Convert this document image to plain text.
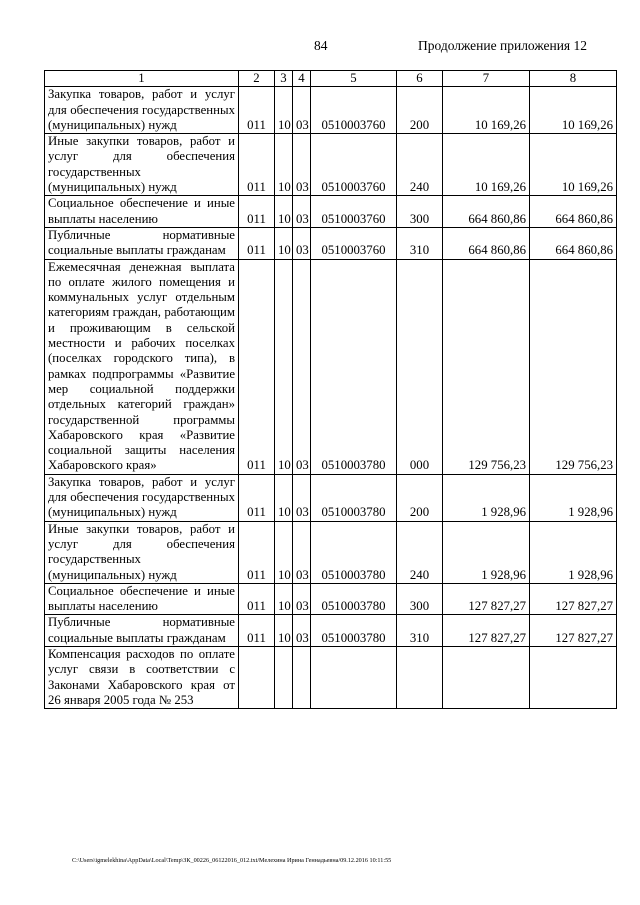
84	Продолжение приложения 12
1	2	3	4	5	6	7	8
Закупка товаров, работ и услуг для обеспечения государственных (муниципальных) нужд	011	10	03	0510003760	200	10 169,26	10 169,26
Иные закупки товаров, работ и услуг для обеспечения государственных (муниципальных) нужд	011	10	03	0510003760	240	10 169,26	10 169,26
Социальное обеспечение и иные выплаты населению	011	10	03	0510003760	300	664 860,86	664 860,86
Публичные нормативные социальные выплаты гражданам	011	10	03	0510003760	310	664 860,86	664 860,86
Ежемесячная денежная выплата по оплате жилого помещения и коммунальных услуг отдельным категориям граждан, работающим и проживающим в сельской местности и рабочих поселках (поселках городского типа), в рамках подпрограммы «Развитие мер социальной поддержки отдельных категорий граждан» государственной программы Хабаровского края «Развитие социальной защиты населения Хабаровского края»	011	10	03	0510003780	000	129 756,23	129 756,23
Закупка товаров, работ и услуг для обеспечения государственных (муниципальных) нужд	011	10	03	0510003780	200	1 928,96	1 928,96
Иные закупки товаров, работ и услуг для обеспечения государственных (муниципальных) нужд	011	10	03	0510003780	240	1 928,96	1 928,96
Социальное обеспечение и иные выплаты населению	011	10	03	0510003780	300	127 827,27	127 827,27
Публичные нормативные социальные выплаты гражданам	011	10	03	0510003780	310	127 827,27	127 827,27
Компенсация расходов по оплате услуг связи в соответствии с Законами Хабаровского края от 26 января 2005 года № 253							
C:\Users\igmelekhina\AppData\Local\Temp\ЗК_00226_06122016_012.txt/Мелехина Ирина Геннадьевна/09.12.2016 10:11:55
